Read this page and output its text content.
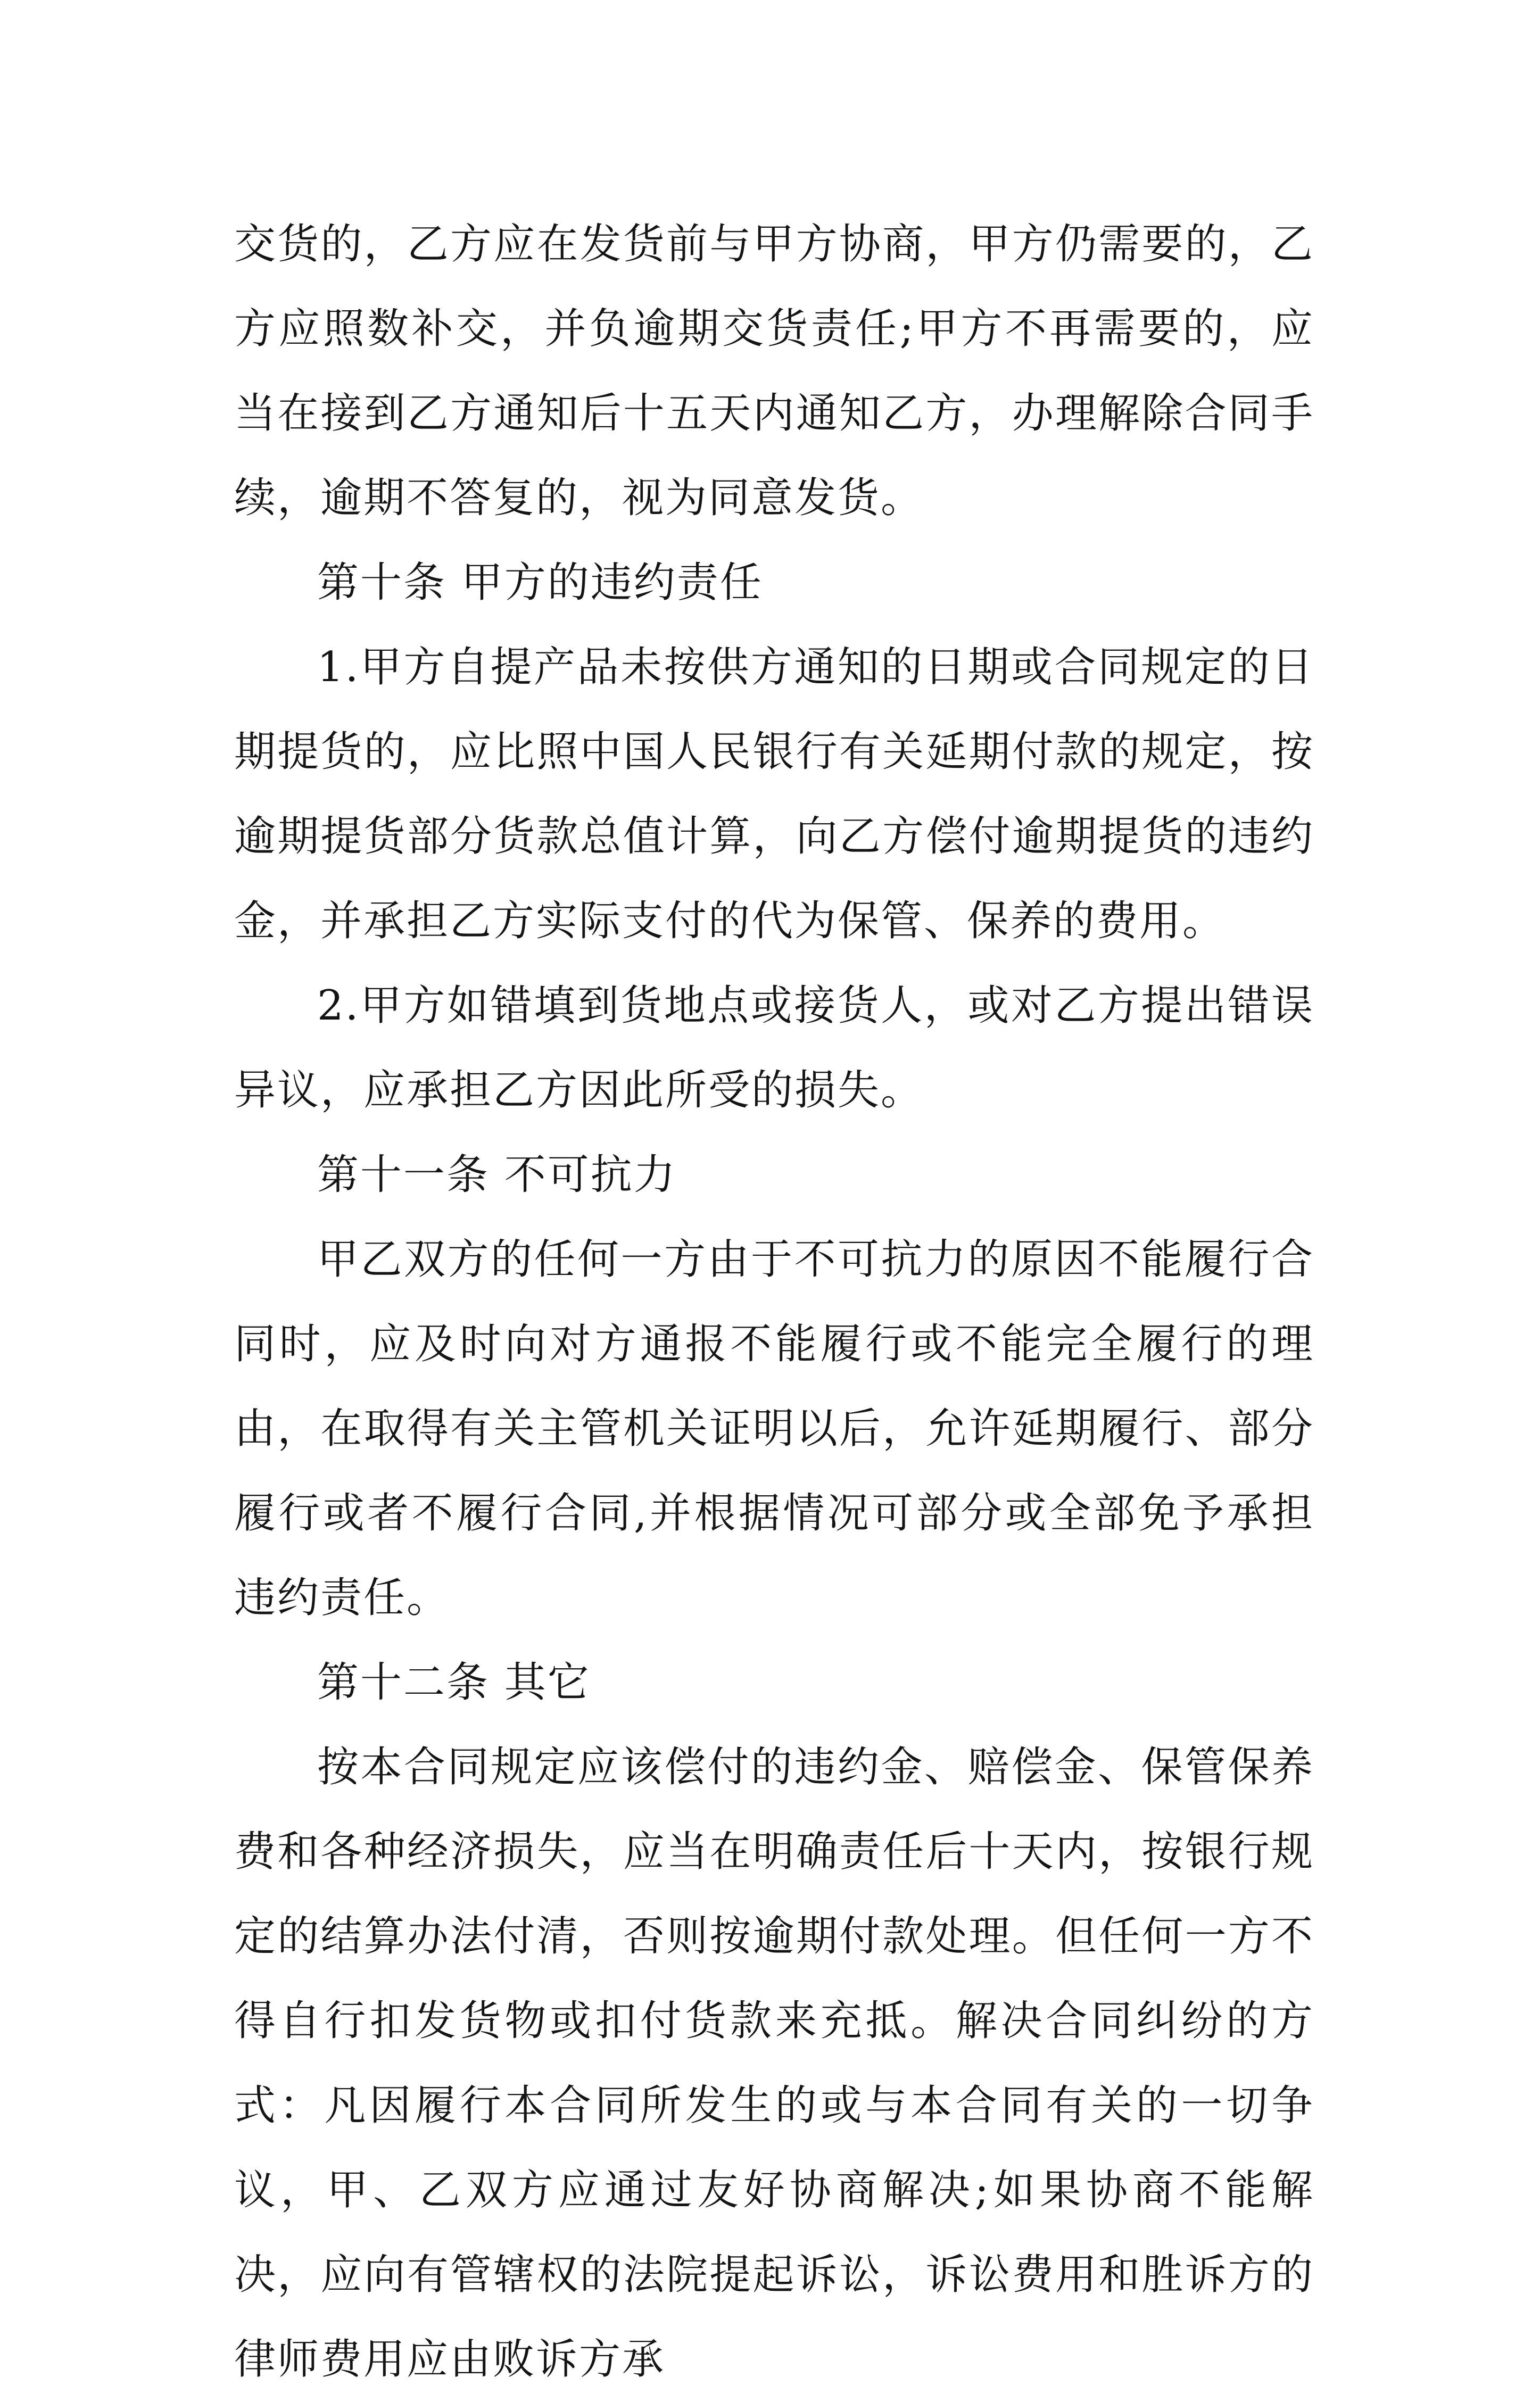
交货的，乙方应在发货前与甲方协商，甲方仍需要的，乙方应照数补交，并负逾期交货责任;甲方不再需要的，应当在接到乙方通知后十五天内通知乙方，办理解除合同手续，逾期不答复的，视为同意发货。

第十条 甲方的违约责任

1.甲方自提产品未按供方通知的日期或合同规定的日期提货的，应比照中国人民银行有关延期付款的规定，按逾期提货部分货款总值计算，向乙方偿付逾期提货的违约金，并承担乙方实际支付的代为保管、保养的费用。

2.甲方如错填到货地点或接货人，或对乙方提出错误异议，应承担乙方因此所受的损失。

第十一条 不可抗力

甲乙双方的任何一方由于不可抗力的原因不能履行合同时，应及时向对方通报不能履行或不能完全履行的理由，在取得有关主管机关证明以后，允许延期履行、部分履行或者不履行合同,并根据情况可部分或全部免予承担违约责任。

第十二条 其它

按本合同规定应该偿付的违约金、赔偿金、保管保养费和各种经济损失，应当在明确责任后十天内，按银行规定的结算办法付清，否则按逾期付款处理。但任何一方不得自行扣发货物或扣付货款来充抵。解决合同纠纷的方式：凡因履行本合同所发生的或与本合同有关的一切争议，甲、乙双方应通过友好协商解决;如果协商不能解决，应向有管辖权的法院提起诉讼，诉讼费用和胜诉方的律师费用应由败诉方承
